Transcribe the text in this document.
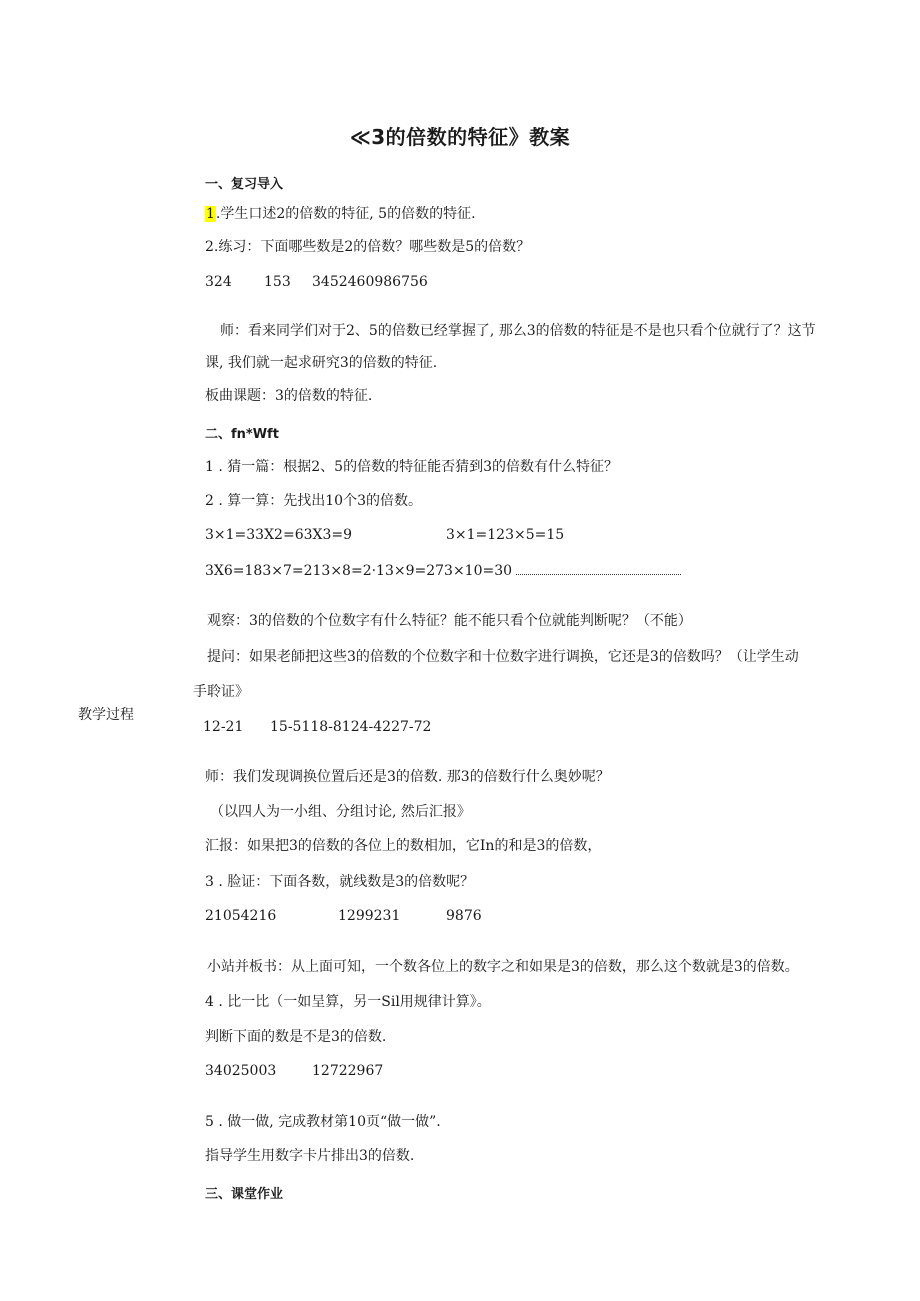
≪3的倍数的特征》教案
一、复习导入
1.学生口述2的倍数的特征, 5的倍数的特征.
2.练习：下面哪些数是2的倍数？哪些数是5的倍数？
324 153 3452460986756
师：看来同学们对于2、5的倍数已经掌握了, 那么3的倍数的特征是不是也只看个位就行了？这节
课, 我们就一起求研究3的倍数的特征.
板曲课题：3的倍数的特征.
二、fn*Wft
1 . 猜一篇：根据2、5的倍数的特征能否猜到3的倍数有什么特征？
2 . 算一算：先找出10个3的倍数。
3×1=33X2=63X3=9	3×1=123×5=15
3X6=183×7=213×8=2·13×9=273×10=30
观察：3的倍数的个位数字有什么特征？能不能只看个位就能判断呢？（不能）
提问：如果老師把这些3的倍数的个位数字和十位数字进行调换，它还是3的倍数吗？（让学生动
手聆证》
教学过程
12-21 15-5118-8124-4227-72
师：我们发现调换位置后还是3的倍数. 那3的倍数行什么奥妙呢？
（以四人为一小组、分组讨论, 然后汇报》
汇报：如果把3的倍数的各位上的数相加，它In的和是3的倍数，
3 . 脸证：下面各数，就线数是3的倍数呢？
21054216	1299231	9876
小站并板书：从上面可知，一个数各位上的数字之和如果是3的倍数，那么这个数就是3的倍数。
4 . 比一比（一如呈算，另一Sil用规律计算》。
判断下面的数是不是3的倍数.
34025003	12722967
5 . 做一做, 完成教材第10页“做一做”.
指导学生用数字卡片排出3的倍数.
三、课堂作业
